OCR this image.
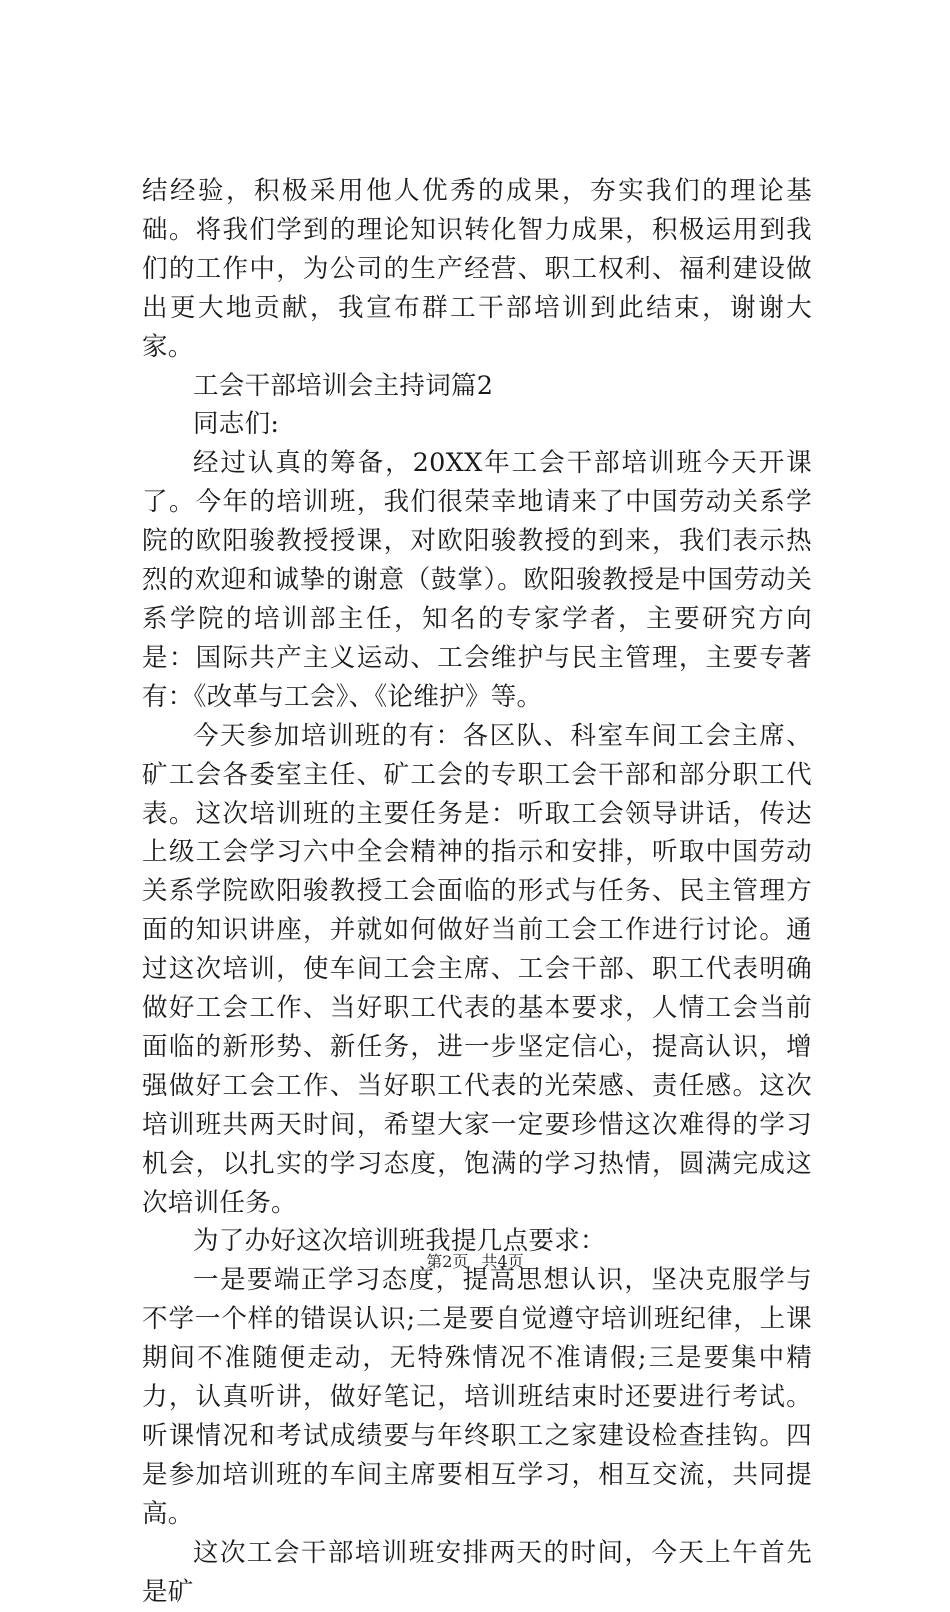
结经验，积极采用他人优秀的成果，夯实我们的理论基础。将我们学到的理论知识转化智力成果，积极运用到我们的工作中，为公司的生产经营、职工权利、福利建设做出更大地贡献，我宣布群工干部培训到此结束，谢谢大家。

工会干部培训会主持词篇2

同志们:

经过认真的筹备，20XX年工会干部培训班今天开课了。今年的培训班，我们很荣幸地请来了中国劳动关系学院的欧阳骏教授授课，对欧阳骏教授的到来，我们表示热烈的欢迎和诚挚的谢意（鼓掌）。欧阳骏教授是中国劳动关系学院的培训部主任，知名的专家学者，主要研究方向是：国际共产主义运动、工会维护与民主管理，主要专著有：《改革与工会》、《论维护》等。

今天参加培训班的有：各区队、科室车间工会主席、矿工会各委室主任、矿工会的专职工会干部和部分职工代表。这次培训班的主要任务是：听取工会领导讲话，传达上级工会学习六中全会精神的指示和安排，听取中国劳动关系学院欧阳骏教授工会面临的形式与任务、民主管理方面的知识讲座，并就如何做好当前工会工作进行讨论。通过这次培训，使车间工会主席、工会干部、职工代表明确做好工会工作、当好职工代表的基本要求，人情工会当前面临的新形势、新任务，进一步坚定信心，提高认识，增强做好工会工作、当好职工代表的光荣感、责任感。这次培训班共两天时间，希望大家一定要珍惜这次难得的学习机会，以扎实的学习态度，饱满的学习热情，圆满完成这次培训任务。

为了办好这次培训班我提几点要求：

一是要端正学习态度，提高思想认识，坚决克服学与不学一个样的错误认识;二是要自觉遵守培训班纪律，上课期间不准随便走动，无特殊情况不准请假;三是要集中精力，认真听讲，做好笔记，培训班结束时还要进行考试。听课情况和考试成绩要与年终职工之家建设检查挂钩。四是参加培训班的车间主席要相互学习，相互交流，共同提高。

这次工会干部培训班安排两天的时间，今天上午首先是矿

第2页 共4页
